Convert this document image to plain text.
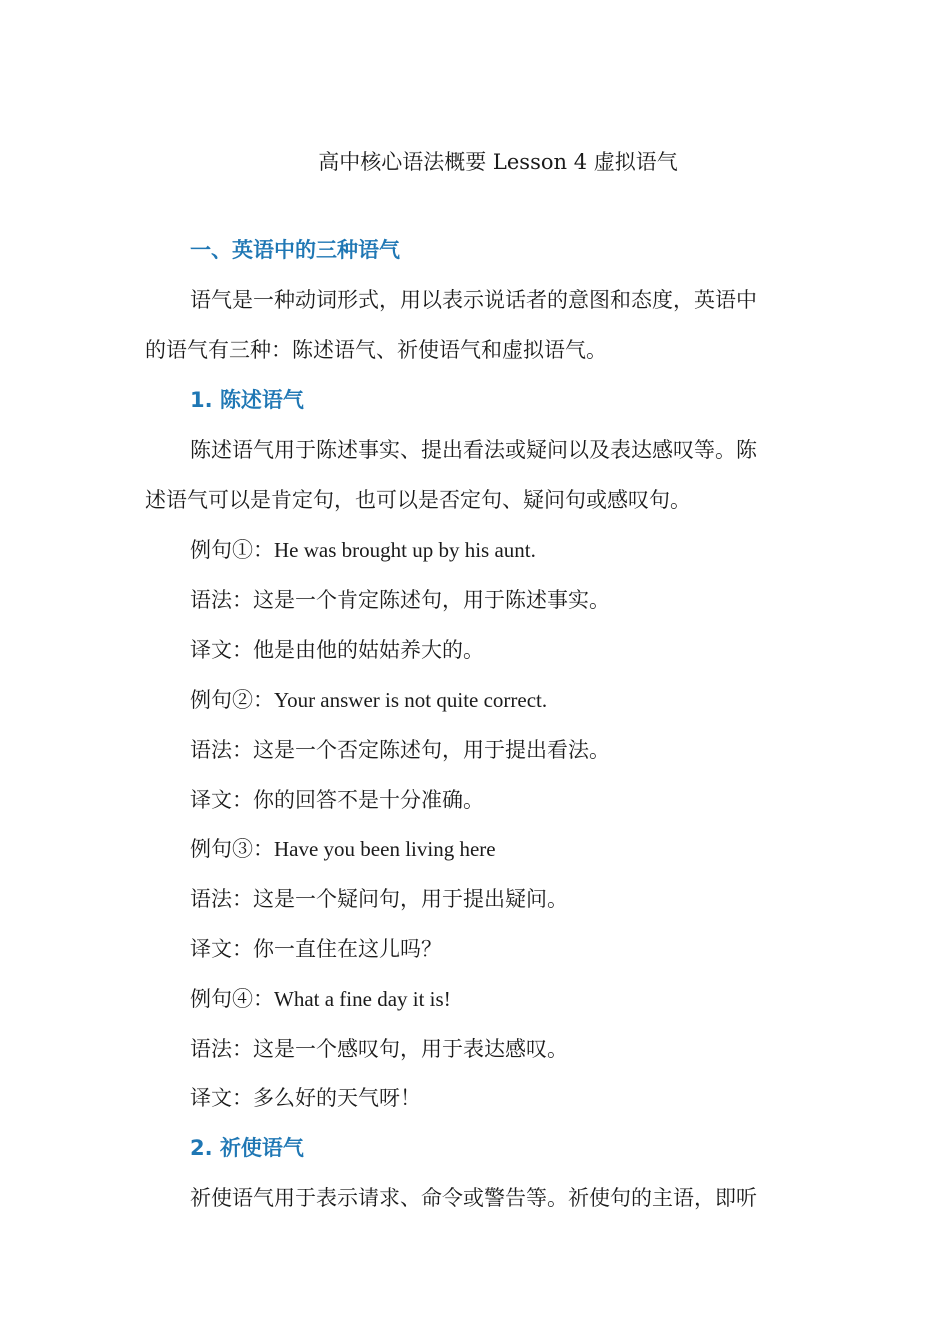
高中核心语法概要 Lesson 4 虚拟语气
一、英语中的三种语气
语气是一种动词形式，用以表示说话者的意图和态度，英语中
的语气有三种：陈述语气、祈使语气和虚拟语气。
1. 陈述语气
陈述语气用于陈述事实、提出看法或疑问以及表达感叹等。陈
述语气可以是肯定句，也可以是否定句、疑问句或感叹句。
例句①：He was brought up by his aunt.
语法：这是一个肯定陈述句，用于陈述事实。
译文：他是由他的姑姑养大的。
例句②：Your answer is not quite correct.
语法：这是一个否定陈述句，用于提出看法。
译文：你的回答不是十分准确。
例句③：Have you been living here
语法：这是一个疑问句，用于提出疑问。
译文：你一直住在这儿吗？
例句④：What a fine day it is!
语法：这是一个感叹句，用于表达感叹。
译文：多么好的天气呀！
2. 祈使语气
祈使语气用于表示请求、命令或警告等。祈使句的主语，即听
